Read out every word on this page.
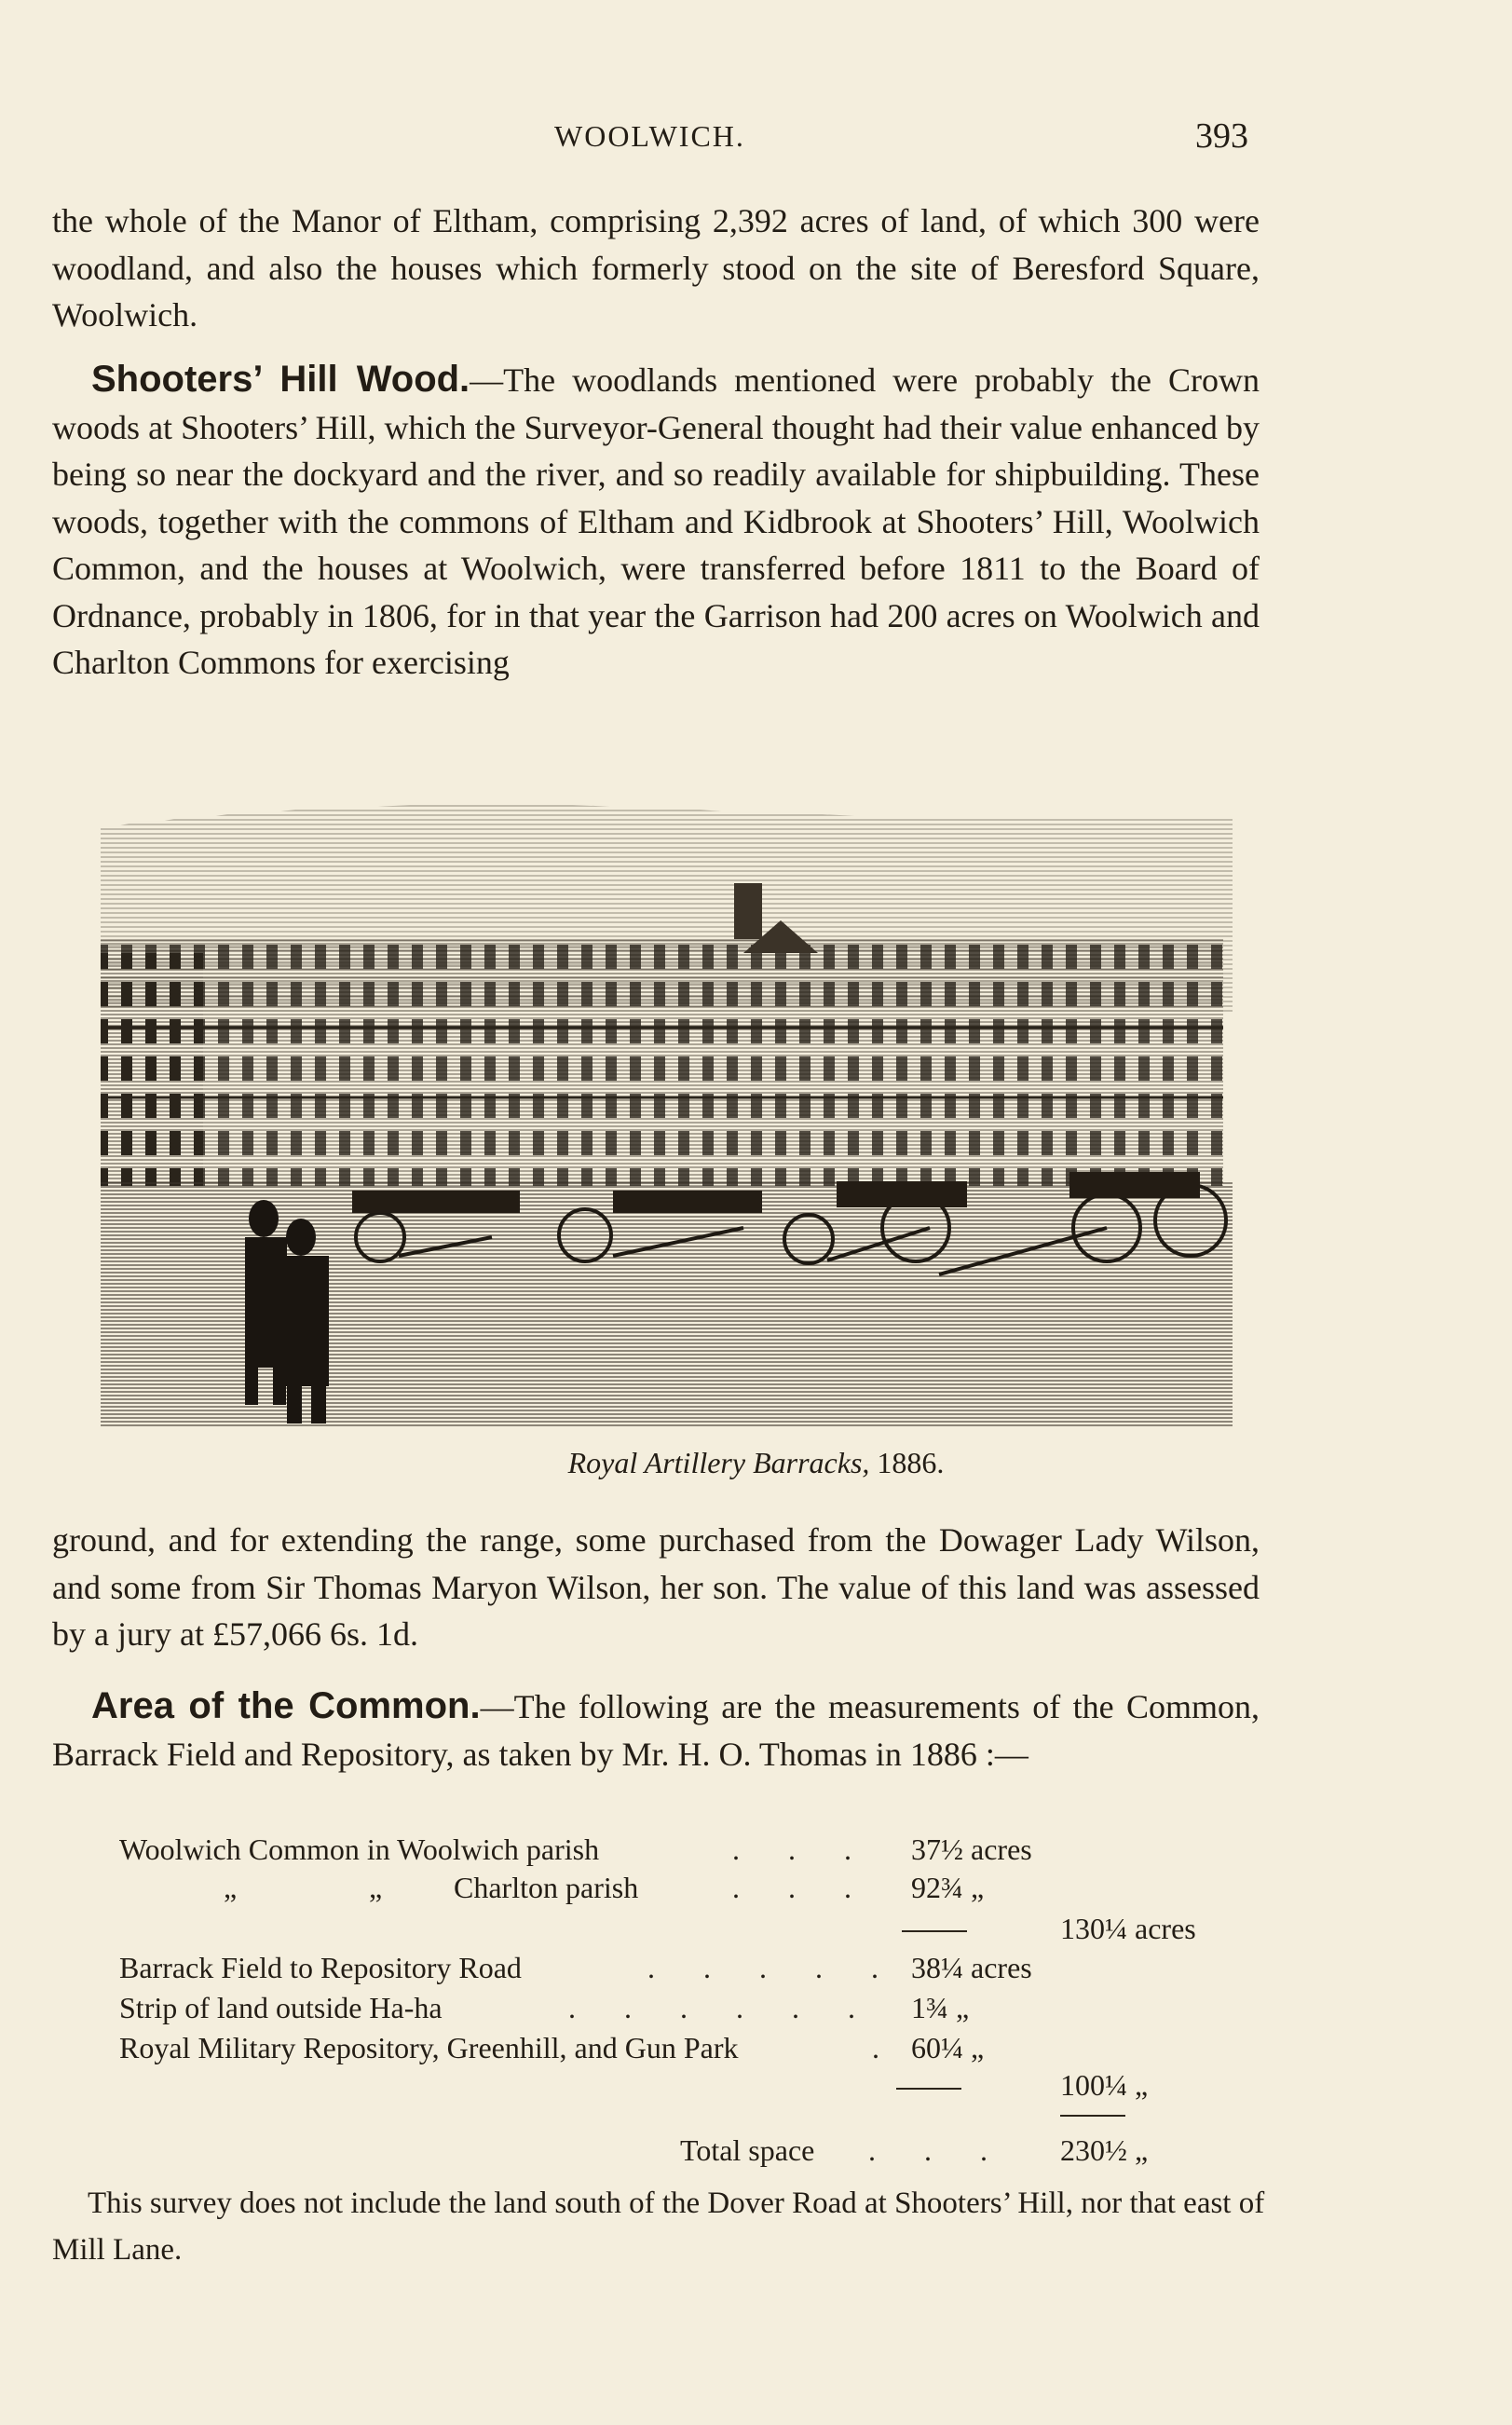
WOOLWICH.	393

the whole of the Manor of Eltham, comprising 2,392 acres of land, of which 300 were woodland, and also the houses which formerly stood on the site of Beresford Square, Woolwich.

Shooters’ Hill Wood.—The woodlands mentioned were probably the Crown woods at Shooters’ Hill, which the Surveyor-General thought had their value enhanced by being so near the dockyard and the river, and so readily available for shipbuilding. These woods, together with the commons of Eltham and Kidbrook at Shooters’ Hill, Woolwich Common, and the houses at Woolwich, were transferred before 1811 to the Board of Ordnance, probably in 1806, for in that year the Garrison had 200 acres on Woolwich and Charlton Commons for exercising

Royal Artillery Barracks, 1886.

ground, and for extending the range, some purchased from the Dowager Lady Wilson, and some from Sir Thomas Maryon Wilson, her son. The value of this land was assessed by a jury at £57,066 6s. 1d.

Area of the Common.—The following are the measurements of the Common, Barrack Field and Repository, as taken by Mr. H. O. Thomas in 1886 :—

Woolwich Common in Woolwich parish	. . . 37½ acres
„	„ Charlton parish	. . . 92¾ „
130¼ acres
Barrack Field to Repository Road	. . . . . 38¼ acres
Strip of land outside Ha-ha	. . . . . . 1¾ „
Royal Military Repository, Greenhill, and Gun Park	. 60¼ „
100¼ „
Total space . . . 230½ „

This survey does not include the land south of the Dover Road at Shooters’ Hill, nor that east of Mill Lane.
